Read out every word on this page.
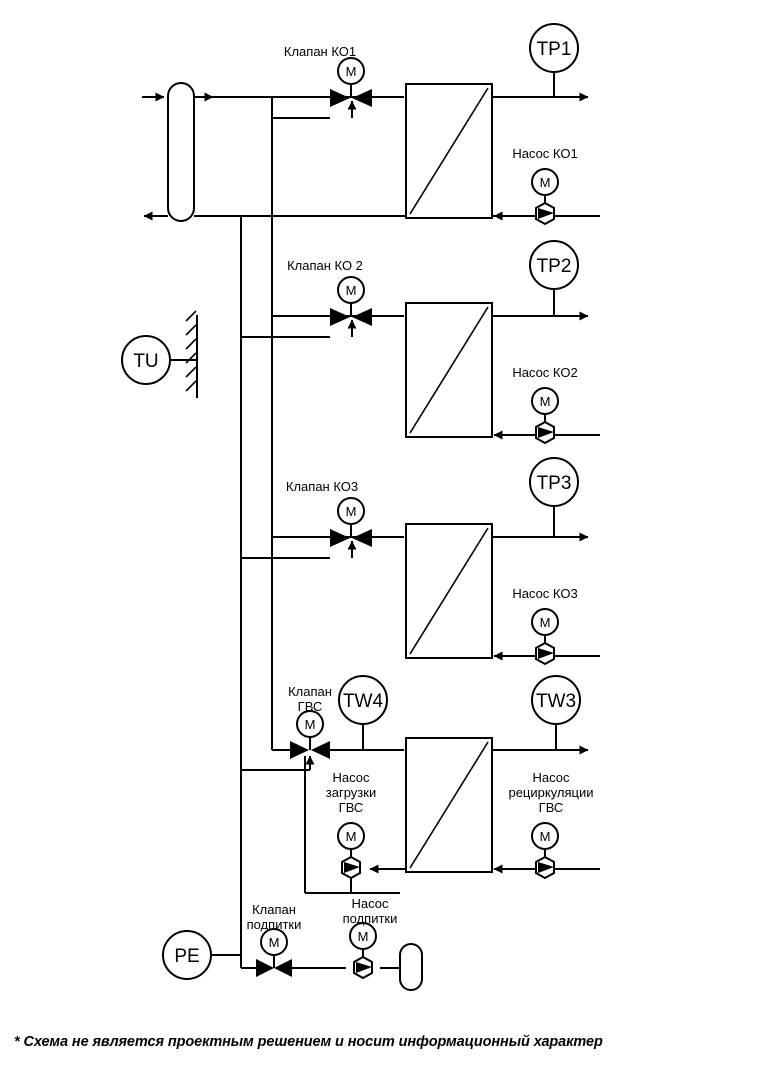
M
Клапан КО1
M
Насос КО1
TP1
TU
M
Клапан КО 2
M
Насос КО2
TP2
M
Клапан КО3
M
Насос КО3
TP3
M
Клапан
ГВС
M
Насос
загрузки
ГВС
M
Насос
рециркуляции
ГВС
TW4	TW3
M
Клапан
подпитки
M
Насос
подпитки
PE
* Схема не является проектным решением и носит информационный характер
